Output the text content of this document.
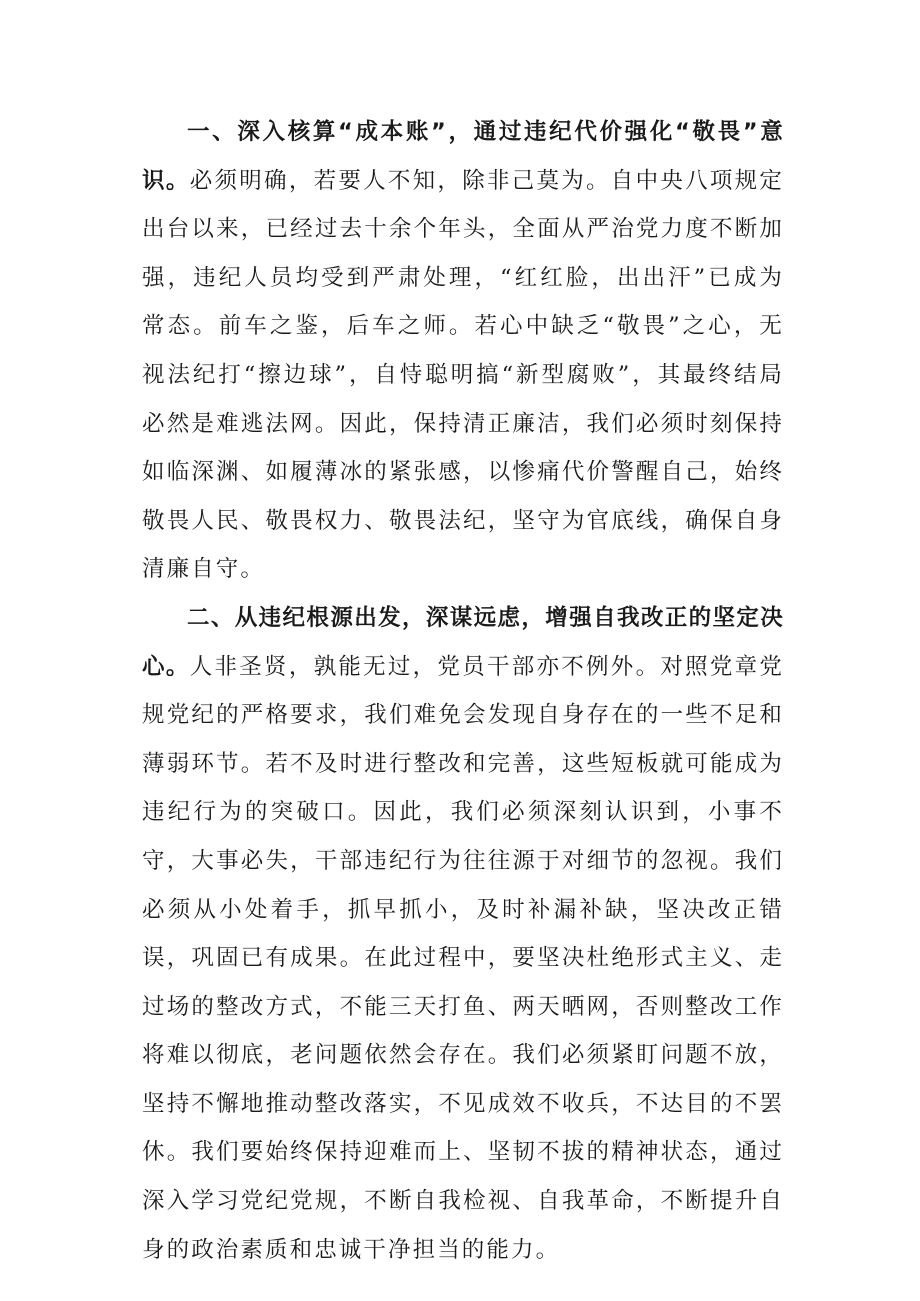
一、深入核算“成本账”，通过违纪代价强化“敬畏”意识。必须明确，若要人不知，除非己莫为。自中央八项规定出台以来，已经过去十余个年头，全面从严治党力度不断加强，违纪人员均受到严肃处理，“红红脸，出出汗”已成为常态。前车之鉴，后车之师。若心中缺乏“敬畏”之心，无视法纪打“擦边球”，自恃聪明搞“新型腐败”，其最终结局必然是难逃法网。因此，保持清正廉洁，我们必须时刻保持如临深渊、如履薄冰的紧张感，以惨痛代价警醒自己，始终敬畏人民、敬畏权力、敬畏法纪，坚守为官底线，确保自身清廉自守。

二、从违纪根源出发，深谋远虑，增强自我改正的坚定决心。人非圣贤，孰能无过，党员干部亦不例外。对照党章党规党纪的严格要求，我们难免会发现自身存在的一些不足和薄弱环节。若不及时进行整改和完善，这些短板就可能成为违纪行为的突破口。因此，我们必须深刻认识到，小事不守，大事必失，干部违纪行为往往源于对细节的忽视。我们必须从小处着手，抓早抓小，及时补漏补缺，坚决改正错误，巩固已有成果。在此过程中，要坚决杜绝形式主义、走过场的整改方式，不能三天打鱼、两天晒网，否则整改工作将难以彻底，老问题依然会存在。我们必须紧盯问题不放，坚持不懈地推动整改落实，不见成效不收兵，不达目的不罢休。我们要始终保持迎难而上、坚韧不拔的精神状态，通过深入学习党纪党规，不断自我检视、自我革命，不断提升自身的政治素质和忠诚干净担当的能力。
